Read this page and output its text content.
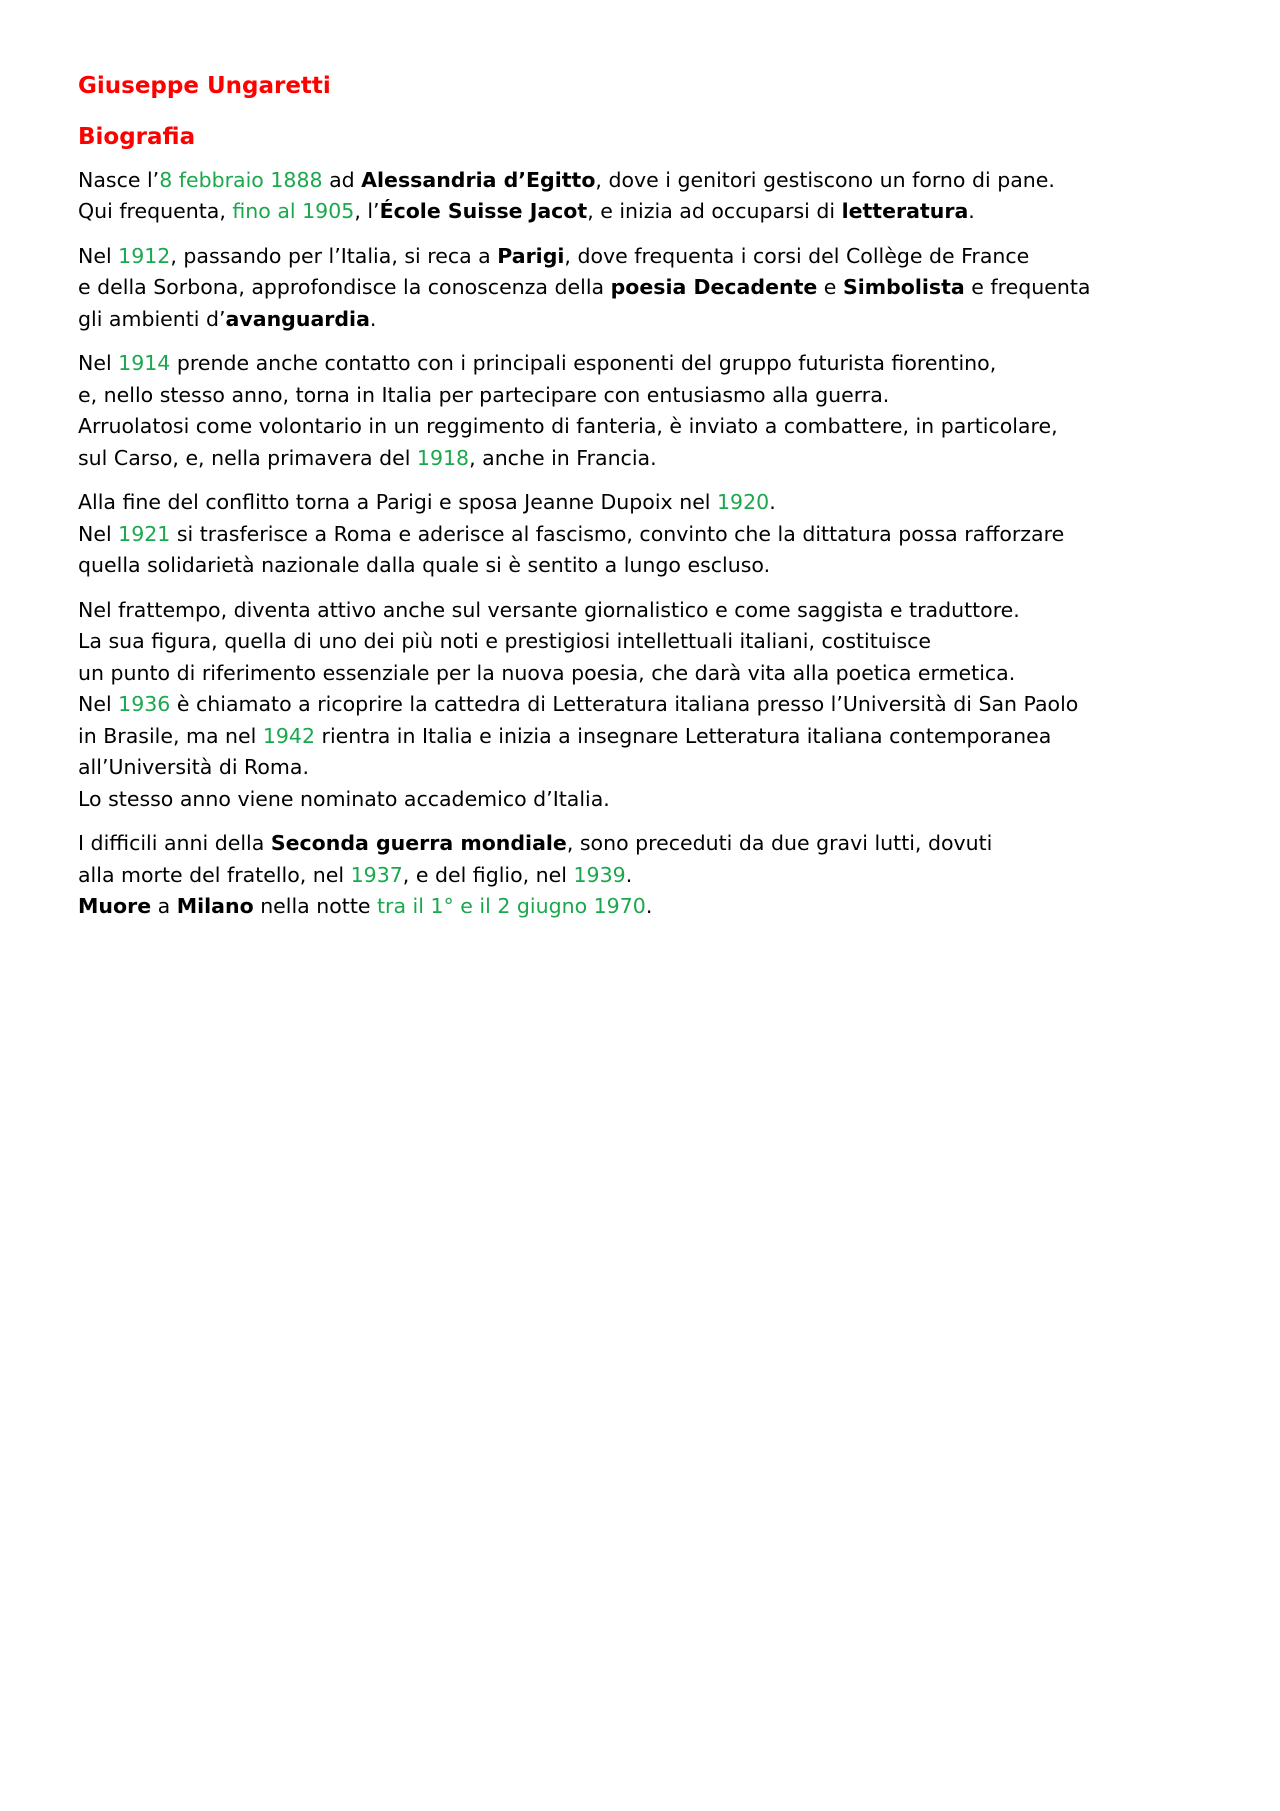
Giuseppe Ungaretti
Biografia

Nasce l’8 febbraio 1888 ad Alessandria d’Egitto, dove i genitori gestiscono un forno di pane.
Qui frequenta, fino al 1905, l’École Suisse Jacot, e inizia ad occuparsi di letteratura.

Nel 1912, passando per l’Italia, si reca a Parigi, dove frequenta i corsi del Collège de France
e della Sorbona, approfondisce la conoscenza della poesia Decadente e Simbolista e frequenta
gli ambienti d’avanguardia.

Nel 1914 prende anche contatto con i principali esponenti del gruppo futurista fiorentino,
e, nello stesso anno, torna in Italia per partecipare con entusiasmo alla guerra.
Arruolatosi come volontario in un reggimento di fanteria, è inviato a combattere, in particolare,
sul Carso, e, nella primavera del 1918, anche in Francia.

Alla fine del conflitto torna a Parigi e sposa Jeanne Dupoix nel 1920.
Nel 1921 si trasferisce a Roma e aderisce al fascismo, convinto che la dittatura possa rafforzare
quella solidarietà nazionale dalla quale si è sentito a lungo escluso.

Nel frattempo, diventa attivo anche sul versante giornalistico e come saggista e traduttore.
La sua figura, quella di uno dei più noti e prestigiosi intellettuali italiani, costituisce
un punto di riferimento essenziale per la nuova poesia, che darà vita alla poetica ermetica.
Nel 1936 è chiamato a ricoprire la cattedra di Letteratura italiana presso l’Università di San Paolo
in Brasile, ma nel 1942 rientra in Italia e inizia a insegnare Letteratura italiana contemporanea
all’Università di Roma.
Lo stesso anno viene nominato accademico d’Italia.

I difficili anni della Seconda guerra mondiale, sono preceduti da due gravi lutti, dovuti
alla morte del fratello, nel 1937, e del figlio, nel 1939.
Muore a Milano nella notte tra il 1° e il 2 giugno 1970.
